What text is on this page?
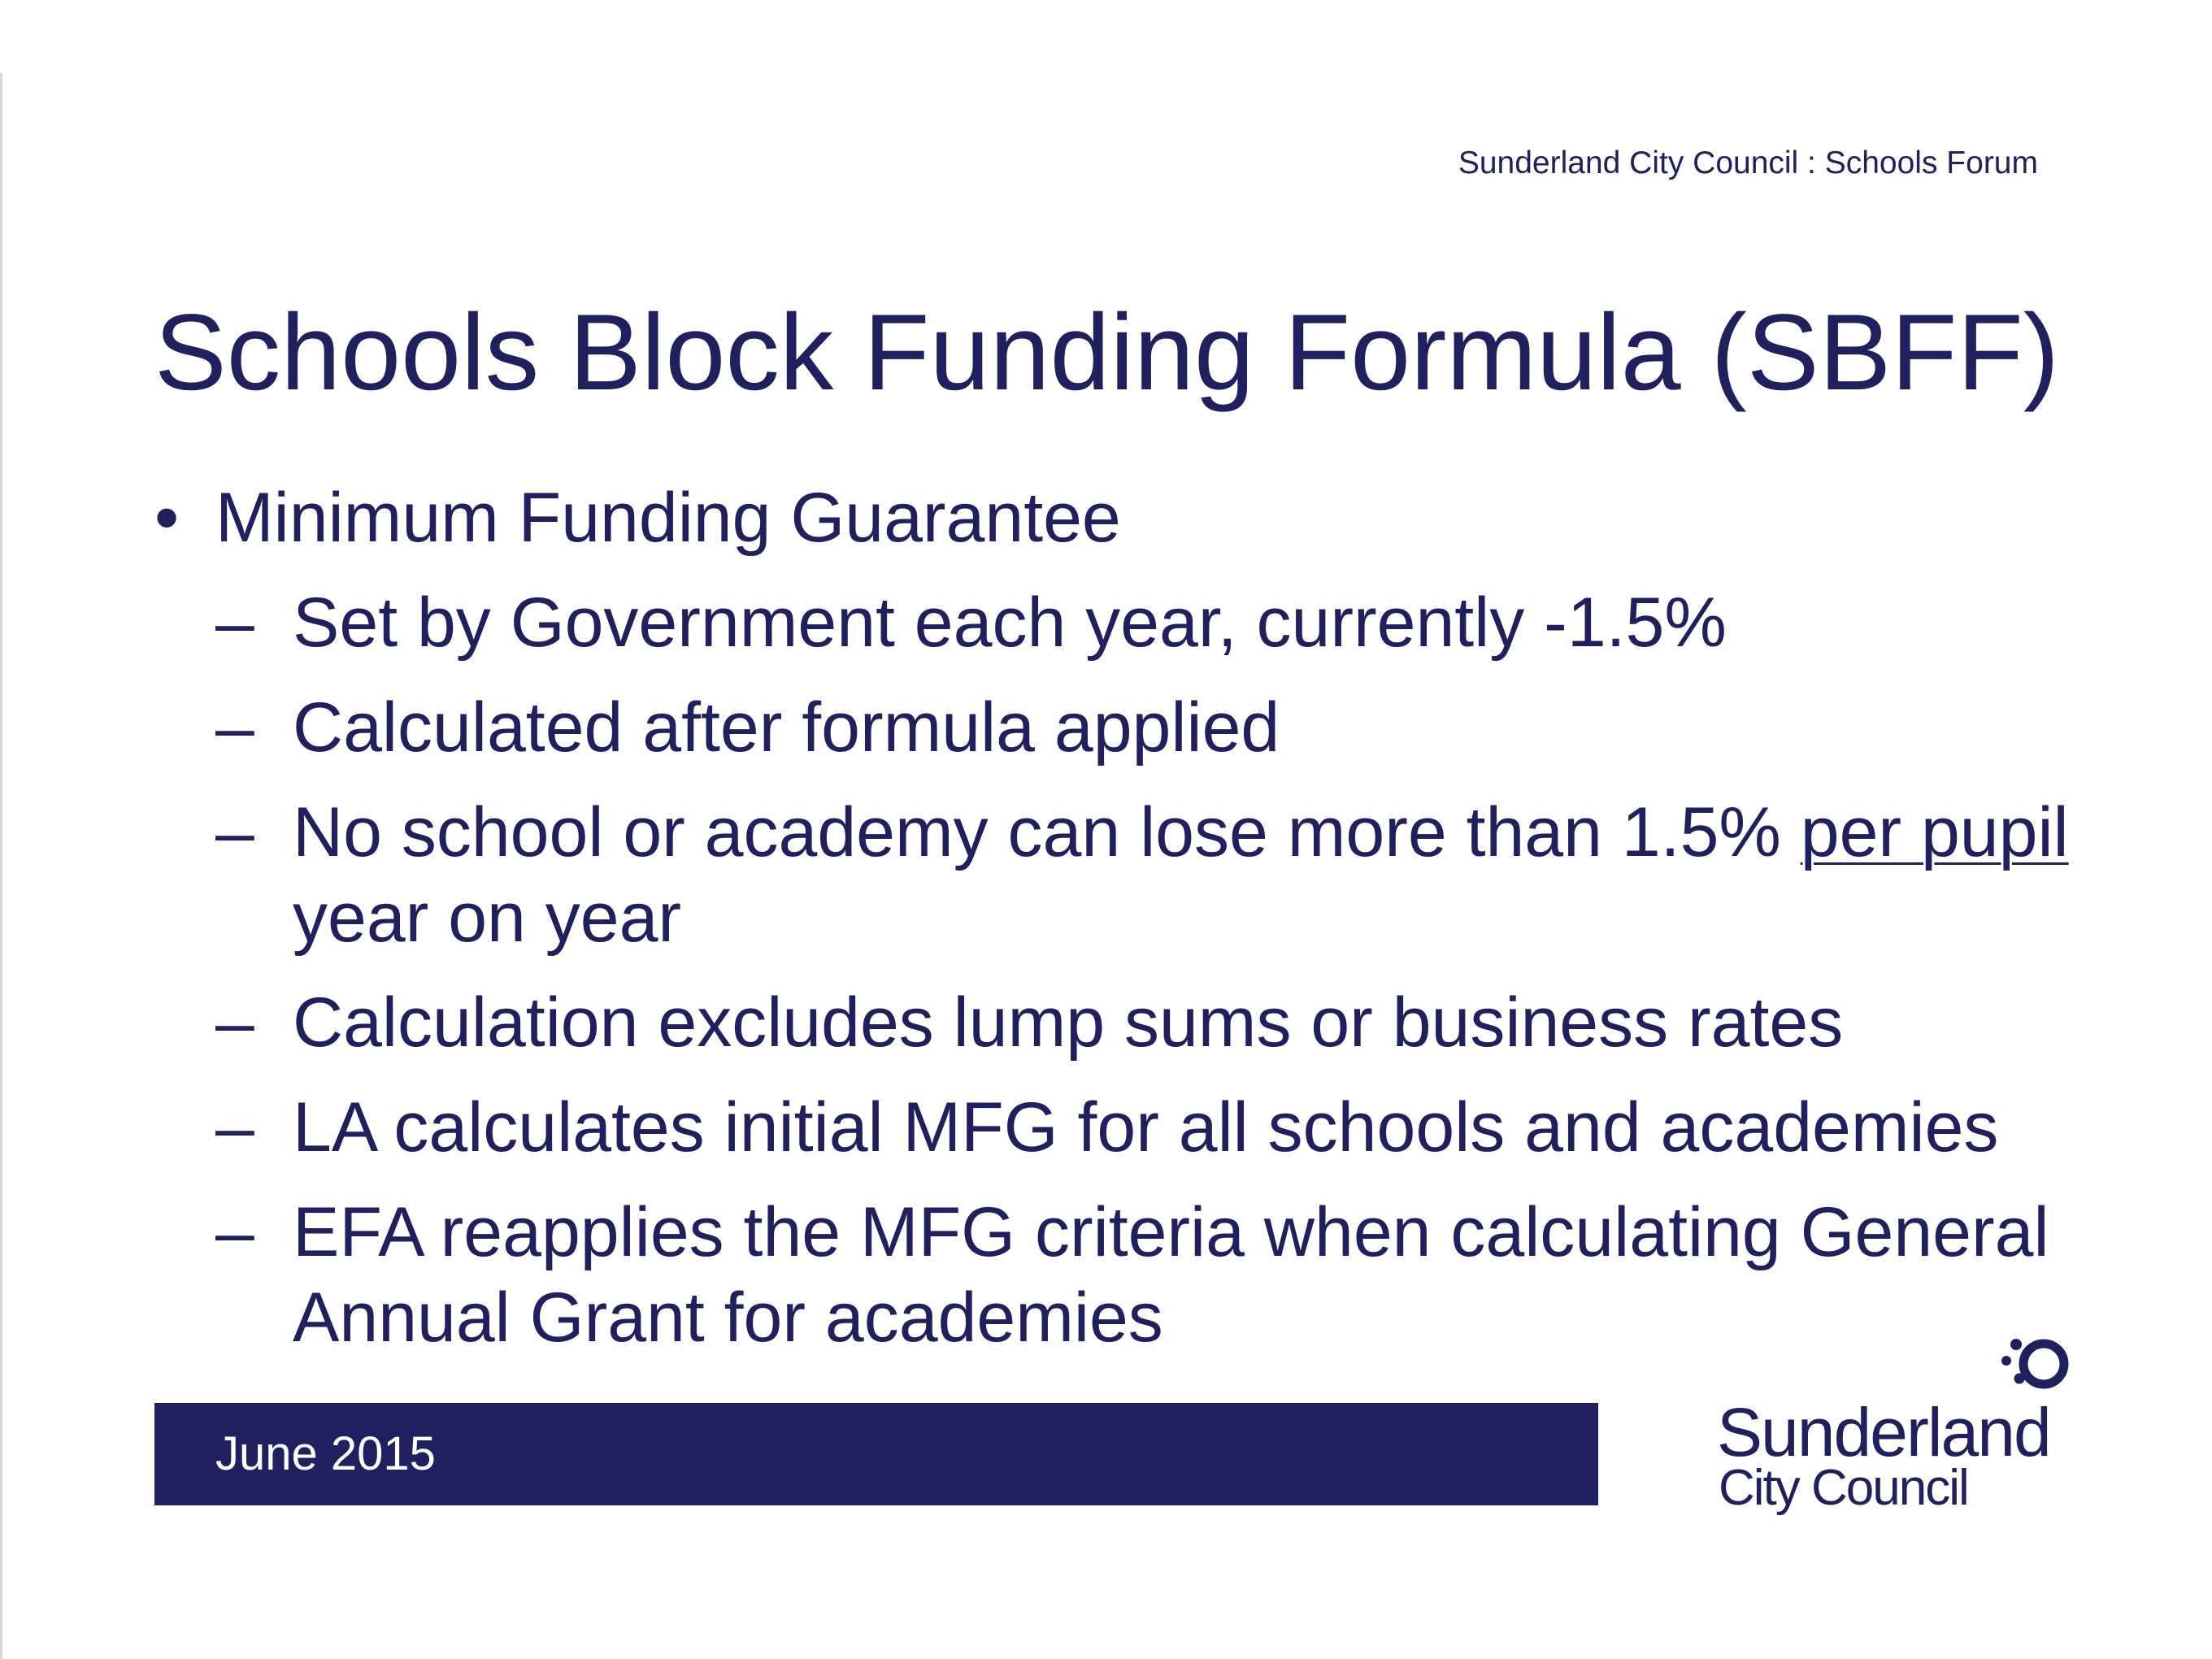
Sunderland City Council : Schools Forum
Schools Block Funding Formula (SBFF)
• Minimum Funding Guarantee
– Set by Government each year, currently -1.5%
– Calculated after formula applied
– No school or academy can lose more than 1.5% per pupil year on year
– Calculation excludes lump sums or business rates
– LA calculates initial MFG for all schools and academies
– EFA reapplies the MFG criteria when calculating General Annual Grant for academies
June 2015	Sunderland
City Council
